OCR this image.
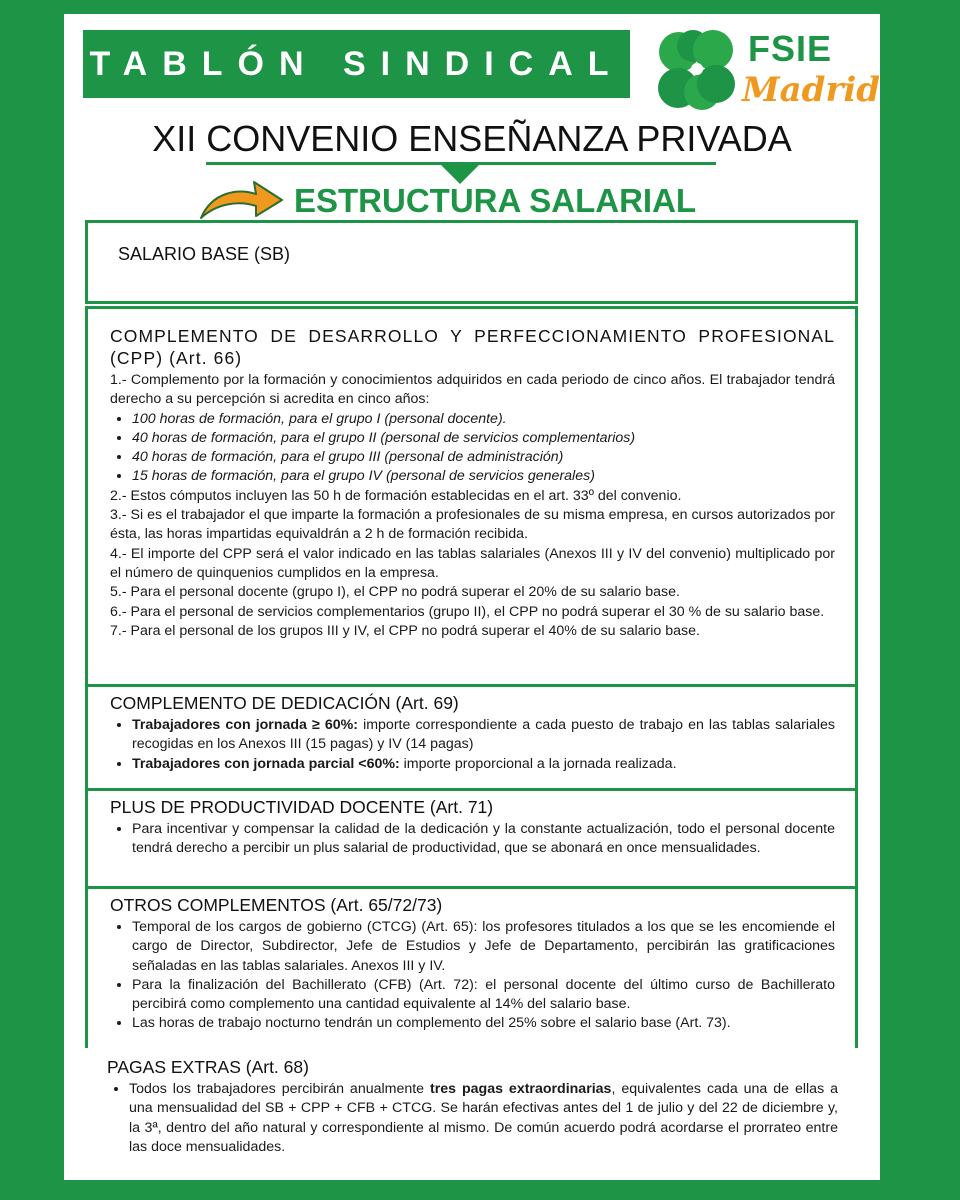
TABLÓN SINDICAL	FSIE
Madrid
XII CONVENIO ENSEÑANZA PRIVADA
ESTRUCTURA SALARIAL
SALARIO BASE (SB)
COMPLEMENTO DE DESARROLLO Y PERFECCIONAMIENTO PROFESIONAL (CPP) (Art. 66)

1.- Complemento por la formación y conocimientos adquiridos en cada periodo de cinco años. El trabajador tendrá derecho a su percepción si acredita en cinco años:

• 100 horas de formación, para el grupo I (personal docente).
• 40 horas de formación, para el grupo II (personal de servicios complementarios)
• 40 horas de formación, para el grupo III (personal de administración)
• 15 horas de formación, para el grupo IV (personal de servicios generales)

2.- Estos cómputos incluyen las 50 h de formación establecidas en el art. 33º del convenio.

3.- Si es el trabajador el que imparte la formación a profesionales de su misma empresa, en cursos autorizados por ésta, las horas impartidas equivaldrán a 2 h de formación recibida.

4.- El importe del CPP será el valor indicado en las tablas salariales (Anexos III y IV del convenio) multiplicado por el número de quinquenios cumplidos en la empresa.

5.- Para el personal docente (grupo I), el CPP no podrá superar el 20% de su salario base.

6.- Para el personal de servicios complementarios (grupo II), el CPP no podrá superar el 30 % de su salario base.

7.- Para el personal de los grupos III y IV, el CPP no podrá superar el 40% de su salario base.

COMPLEMENTO DE DEDICACIÓN (Art. 69)
• Trabajadores con jornada ≥ 60%: importe correspondiente a cada puesto de trabajo en las tablas salariales recogidas en los Anexos III (15 pagas) y IV (14 pagas)
• Trabajadores con jornada parcial <60%: importe proporcional a la jornada realizada.
PLUS DE PRODUCTIVIDAD DOCENTE (Art. 71)
• Para incentivar y compensar la calidad de la dedicación y la constante actualización, todo el personal docente tendrá derecho a percibir un plus salarial de productividad, que se abonará en once mensualidades.
OTROS COMPLEMENTOS (Art. 65/72/73)
• Temporal de los cargos de gobierno (CTCG) (Art. 65): los profesores titulados a los que se les encomiende el cargo de Director, Subdirector, Jefe de Estudios y Jefe de Departamento, percibirán las gratificaciones señaladas en las tablas salariales. Anexos III y IV.
• Para la finalización del Bachillerato (CFB) (Art. 72): el personal docente del último curso de Bachillerato percibirá como complemento una cantidad equivalente al 14% del salario base.
• Las horas de trabajo nocturno tendrán un complemento del 25% sobre el salario base (Art. 73).
PAGAS EXTRAS (Art. 68)
• Todos los trabajadores percibirán anualmente tres pagas extraordinarias, equivalentes cada una de ellas a una mensualidad del SB + CPP + CFB + CTCG. Se harán efectivas antes del 1 de julio y del 22 de diciembre y, la 3ª, dentro del año natural y correspondiente al mismo. De común acuerdo podrá acordarse el prorrateo entre las doce mensualidades.
